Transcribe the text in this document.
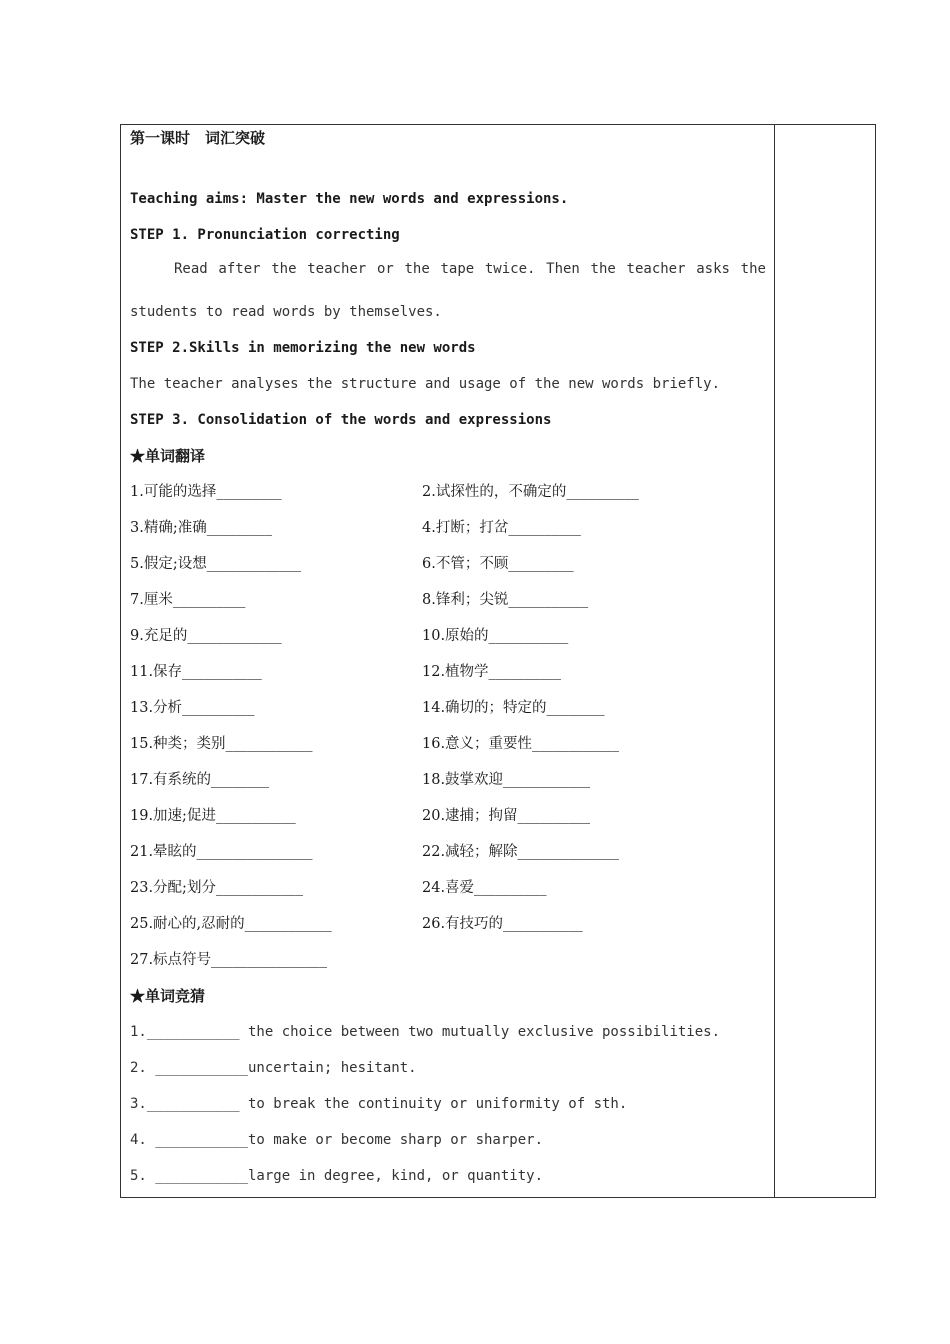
第一课时　词汇突破
Teaching aims: Master the new words and expressions.
STEP 1. Pronunciation correcting
Read after the teacher or the tape twice. Then the teacher asks the
students to read words by themselves.
STEP 2.Skills in memorizing the new words
The teacher analyses the structure and usage of the new words briefly.
STEP 3. Consolidation of the words and expressions
★单词翻译
1.可能的选择_________	2.试探性的，不确定的__________
3.精确;准确_________	4.打断；打岔__________
5.假定;设想_____________	6.不管；不顾_________
7.厘米__________	8.锋利；尖锐___________
9.充足的_____________	10.原始的___________
11.保存___________	12.植物学__________
13.分析__________	14.确切的；特定的________
15.种类；类别____________	16.意义；重要性____________
17.有系统的________	18.鼓掌欢迎____________
19.加速;促进___________	20.逮捕；拘留__________
21.晕眩的________________	22.减轻；解除______________
23.分配;划分____________	24.喜爱__________
25.耐心的,忍耐的____________	26.有技巧的___________
27.标点符号________________
★单词竞猜
1.___________ the choice between two mutually exclusive possibilities.
2. ___________uncertain; hesitant.
3.___________ to break the continuity or uniformity of sth.
4. ___________to make or become sharp or sharper.
5. ___________large in degree, kind, or quantity.
